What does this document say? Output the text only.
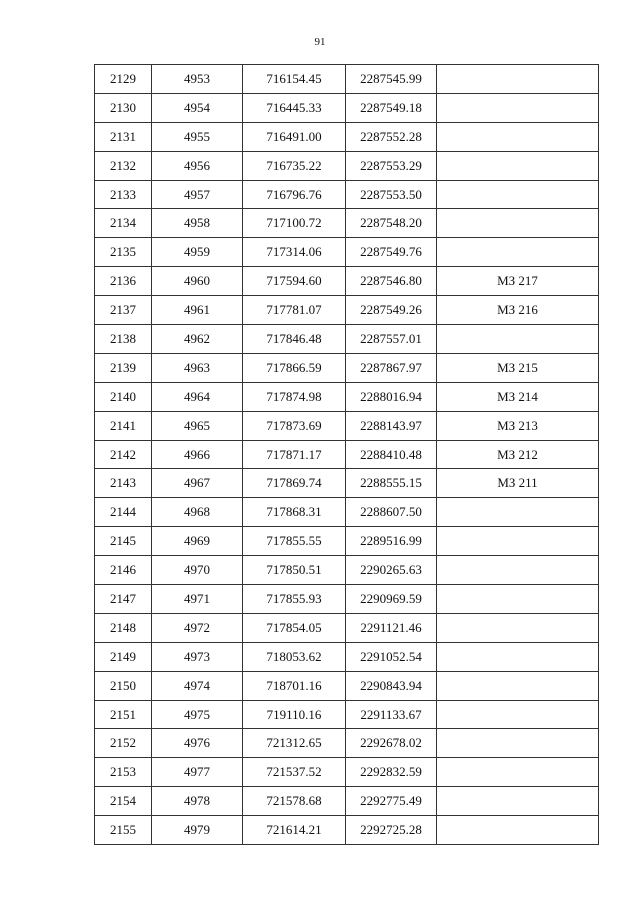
91
2129	4953	716154.45	2287545.99	
2130	4954	716445.33	2287549.18	
2131	4955	716491.00	2287552.28	
2132	4956	716735.22	2287553.29	
2133	4957	716796.76	2287553.50	
2134	4958	717100.72	2287548.20	
2135	4959	717314.06	2287549.76	
2136	4960	717594.60	2287546.80	МЗ 217
2137	4961	717781.07	2287549.26	МЗ 216
2138	4962	717846.48	2287557.01	
2139	4963	717866.59	2287867.97	МЗ 215
2140	4964	717874.98	2288016.94	МЗ 214
2141	4965	717873.69	2288143.97	МЗ 213
2142	4966	717871.17	2288410.48	МЗ 212
2143	4967	717869.74	2288555.15	МЗ 211
2144	4968	717868.31	2288607.50	
2145	4969	717855.55	2289516.99	
2146	4970	717850.51	2290265.63	
2147	4971	717855.93	2290969.59	
2148	4972	717854.05	2291121.46	
2149	4973	718053.62	2291052.54	
2150	4974	718701.16	2290843.94	
2151	4975	719110.16	2291133.67	
2152	4976	721312.65	2292678.02	
2153	4977	721537.52	2292832.59	
2154	4978	721578.68	2292775.49	
2155	4979	721614.21	2292725.28	
